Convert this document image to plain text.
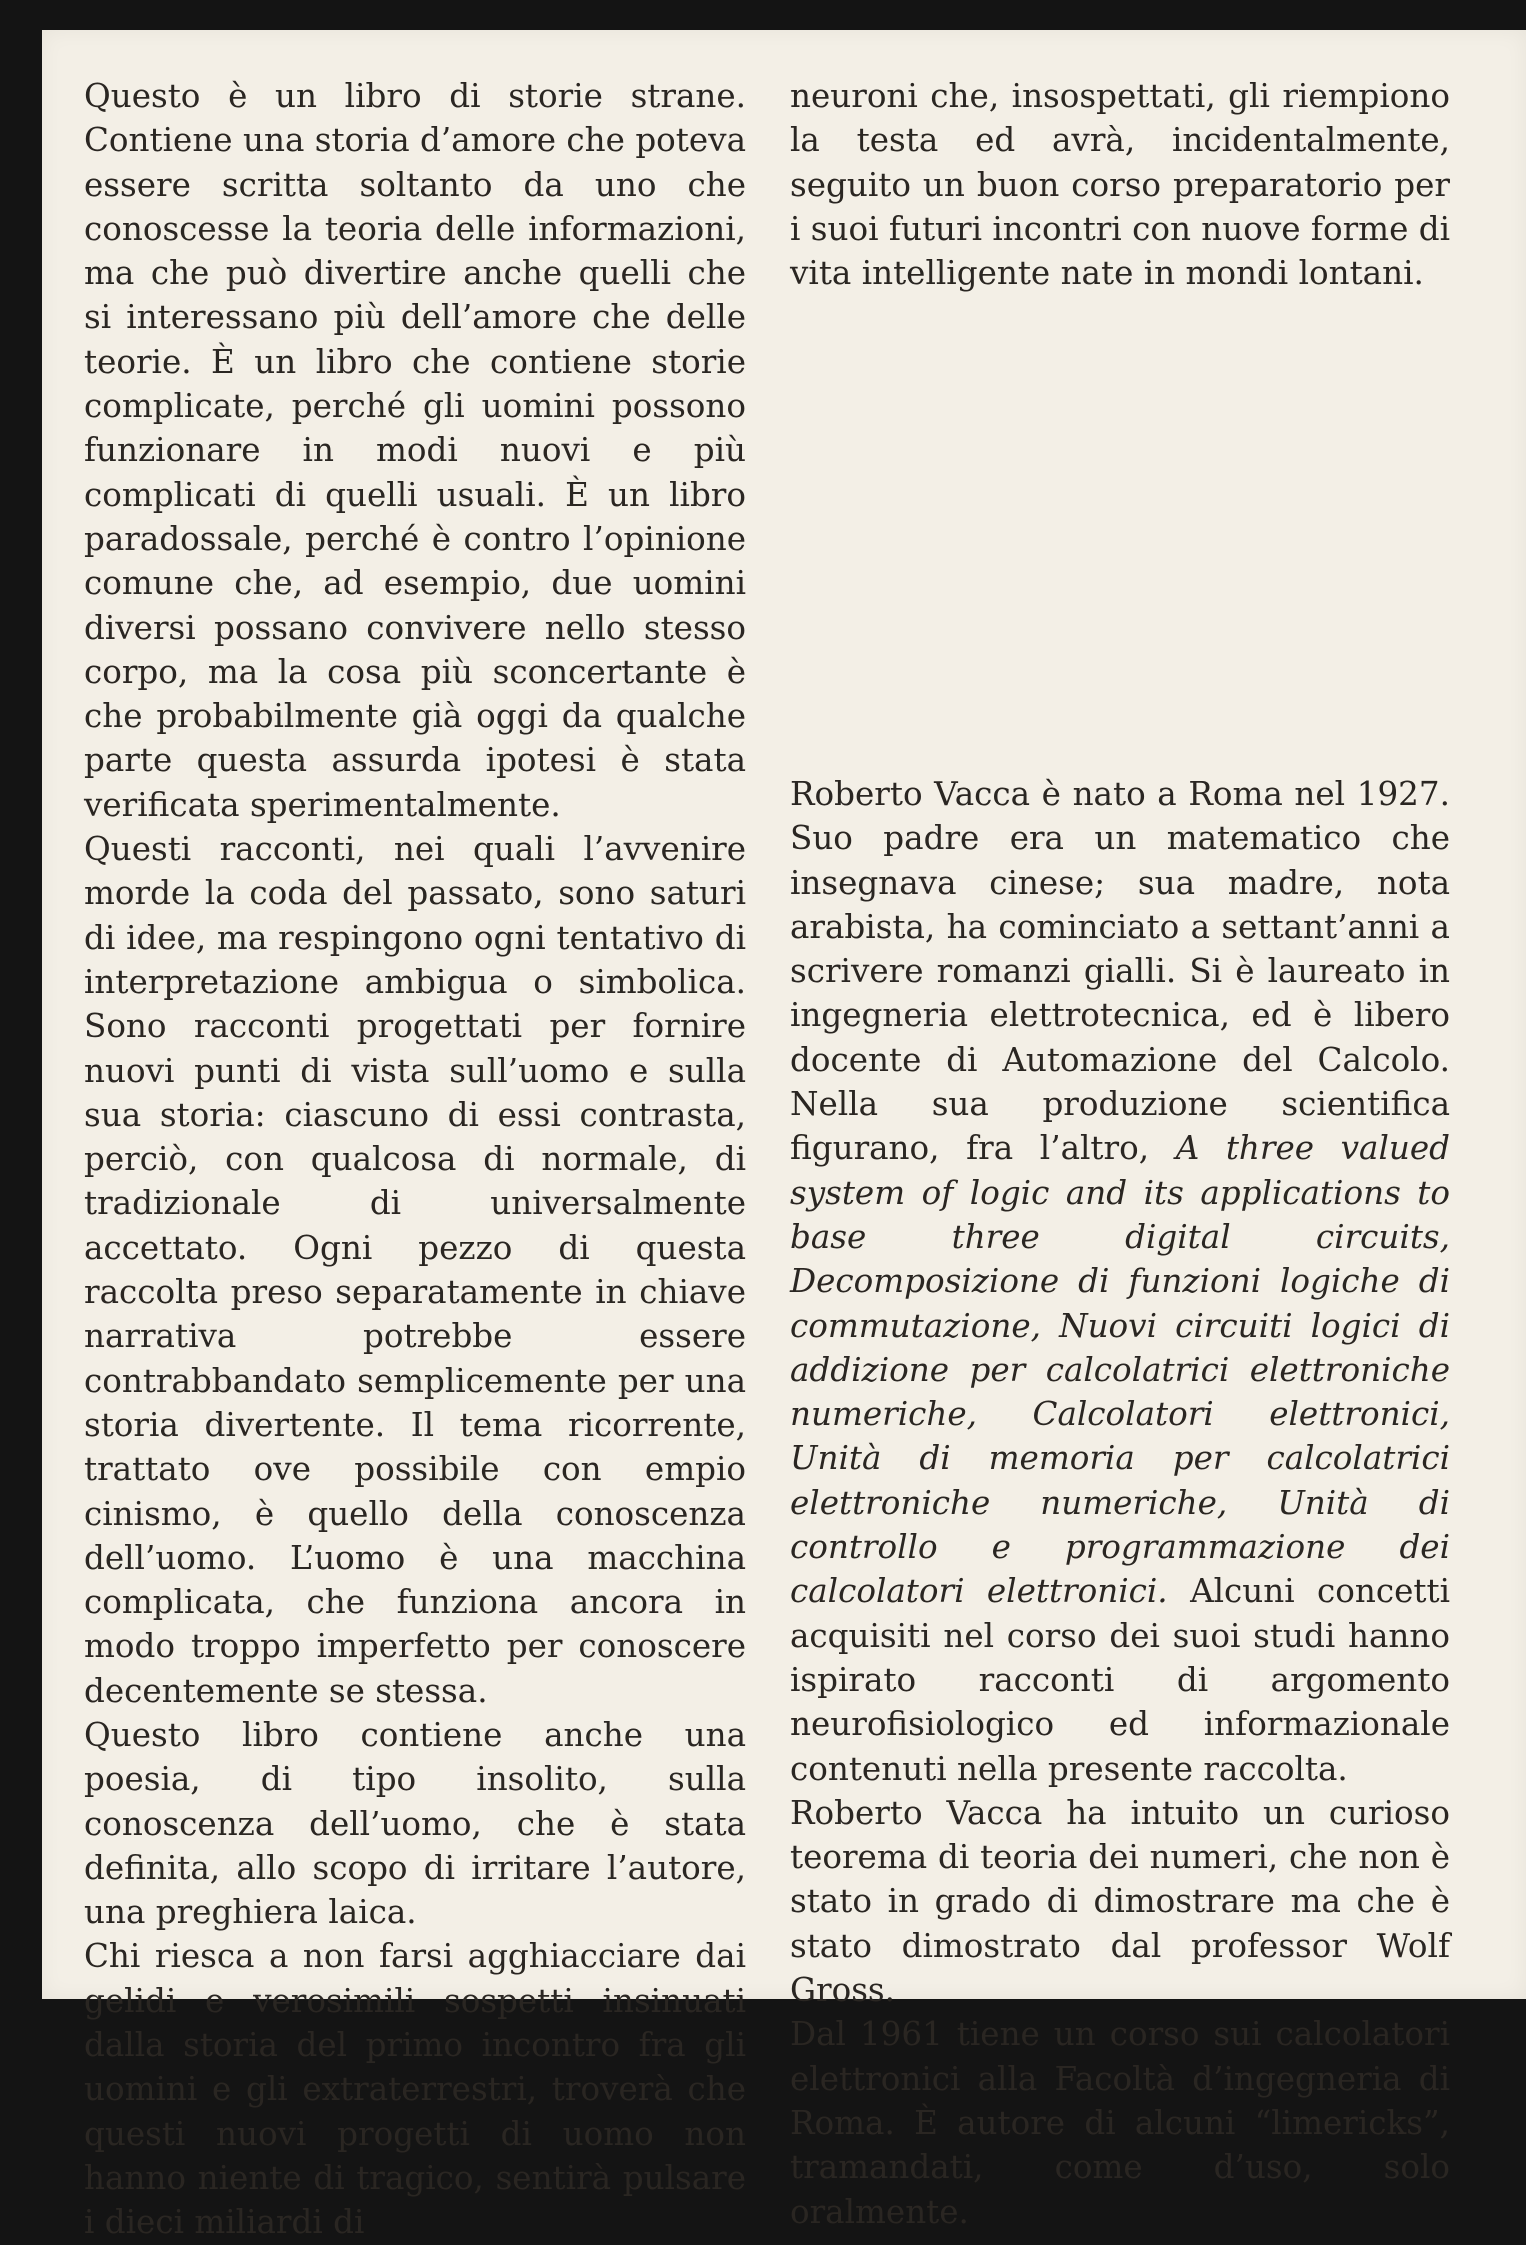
Questo è un libro di storie strane. Contiene una storia d’amore che poteva essere scritta soltanto da uno che conoscesse la teoria delle informazioni, ma che può divertire anche quelli che si interessano più dell’amore che delle teorie. È un libro che contiene storie complicate, perché gli uomini possono funzionare in modi nuovi e più complicati di quelli usuali. È un libro paradossale, perché è contro l’opinione comune che, ad esempio, due uomini diversi possano convivere nello stesso corpo, ma la cosa più sconcertante è che probabilmente già oggi da qualche parte questa assurda ipotesi è stata verificata sperimentalmente.

Questi racconti, nei quali l’avvenire morde la coda del passato, sono saturi di idee, ma respingono ogni tentativo di interpretazione ambigua o simbolica. Sono racconti progettati per fornire nuovi punti di vista sull’uomo e sulla sua storia: ciascuno di essi contrasta, perciò, con qualcosa di normale, di tradizionale di universalmente accettato. Ogni pezzo di questa raccolta preso separatamente in chiave narrativa potrebbe essere contrabbandato semplicemente per una storia divertente. Il tema ricorrente, trattato ove possibile con empio cinismo, è quello della conoscenza dell’uomo. L’uomo è una macchina complicata, che funziona ancora in modo troppo imperfetto per conoscere decentemente se stessa.

Questo libro contiene anche una poesia, di tipo insolito, sulla conoscenza dell’uomo, che è stata definita, allo scopo di irritare l’autore, una preghiera laica.

Chi riesca a non farsi agghiacciare dai gelidi e verosimili sospetti insinuati dalla storia del primo incontro fra gli uomini e gli extraterrestri, troverà che questi nuovi progetti di uomo non hanno niente di tragico, sentirà pulsare i dieci miliardi di

neuroni che, insospettati, gli riempiono la testa ed avrà, incidentalmente, seguito un buon corso preparatorio per i suoi futuri incontri con nuove forme di vita intelligente nate in mondi lontani.

Roberto Vacca è nato a Roma nel 1927. Suo padre era un matematico che insegnava cinese; sua madre, nota arabista, ha cominciato a settant’anni a scrivere romanzi gialli. Si è laureato in ingegneria elettrotecnica, ed è libero docente di Automazione del Calcolo. Nella sua produzione scientifica figurano, fra l’altro, A three valued system of logic and its applications to base three digital circuits, Decomposizione di funzioni logiche di commutazione, Nuovi circuiti logici di addizione per calcolatrici elettroniche numeriche, Calcolatori elettronici, Unità di memoria per calcolatrici elettroniche numeriche, Unità di controllo e programmazione dei calcolatori elettronici. Alcuni concetti acquisiti nel corso dei suoi studi hanno ispirato racconti di argomento neurofisiologico ed informazionale contenuti nella presente raccolta.

Roberto Vacca ha intuito un curioso teorema di teoria dei numeri, che non è stato in grado di dimostrare ma che è stato dimostrato dal professor Wolf Gross.

Dal 1961 tiene un corso sui calcolatori elettronici alla Facoltà d’ingegneria di Roma. È autore di alcuni “limericks”, tramandati, come d’uso, solo oralmente.
